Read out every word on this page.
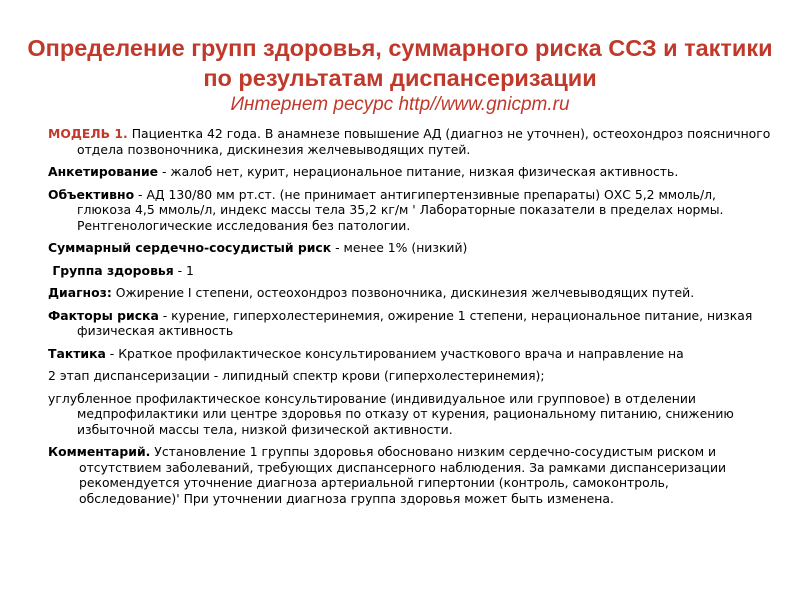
Определение групп здоровья, суммарного риска ССЗ и тактики по результатам диспансеризации
Интернет ресурс http//www.gnicpm.ru

МОДЕЛЬ 1. Пациентка 42 года. В анамнезе повышение АД (диагноз не уточнен), остеохондроз поясничного отдела позвоночника, дискинезия желчевыводящих путей.

Анкетирование - жалоб нет, курит, нерациональное питание, низкая физическая активность.

Объективно - АД 130/80 мм рт.ст. (не принимает антигипертензивные препараты) ОХС 5,2 ммоль/л, глюкоза 4,5 ммоль/л, индекс массы тела 35,2 кг/м ' Лабораторные показатели в пределах нормы. Рентгенологические исследования без патологии.

Суммарный сердечно-сосудистый риск - менее 1% (низкий)

Группа здоровья - 1

Диагноз: Ожирение I степени, остеохондроз позвоночника, дискинезия желчевыводящих путей.

Факторы риска - курение, гиперхолестеринемия, ожирение 1 степени, нерациональное питание, низкая физическая активность

Тактика - Краткое профилактическое консультированием участкового врача и направление на

2 этап диспансеризации - липидный спектр крови (гиперхолестеринемия);

углубленное профилактическое консультирование (индивидуальное или групповое) в отделении медпрофилактики или центре здоровья по отказу от курения, рациональному питанию, снижению избыточной массы тела, низкой физической активности.

Комментарий. Установление 1 группы здоровья обосновано низким сердечно-сосудистым риском и отсутствием заболеваний, требующих диспансерного наблюдения. За рамками диспансеризации рекомендуется уточнение диагноза артериальной гипертонии (контроль, самоконтроль, обследование)' При уточнении диагноза группа здоровья может быть изменена.
